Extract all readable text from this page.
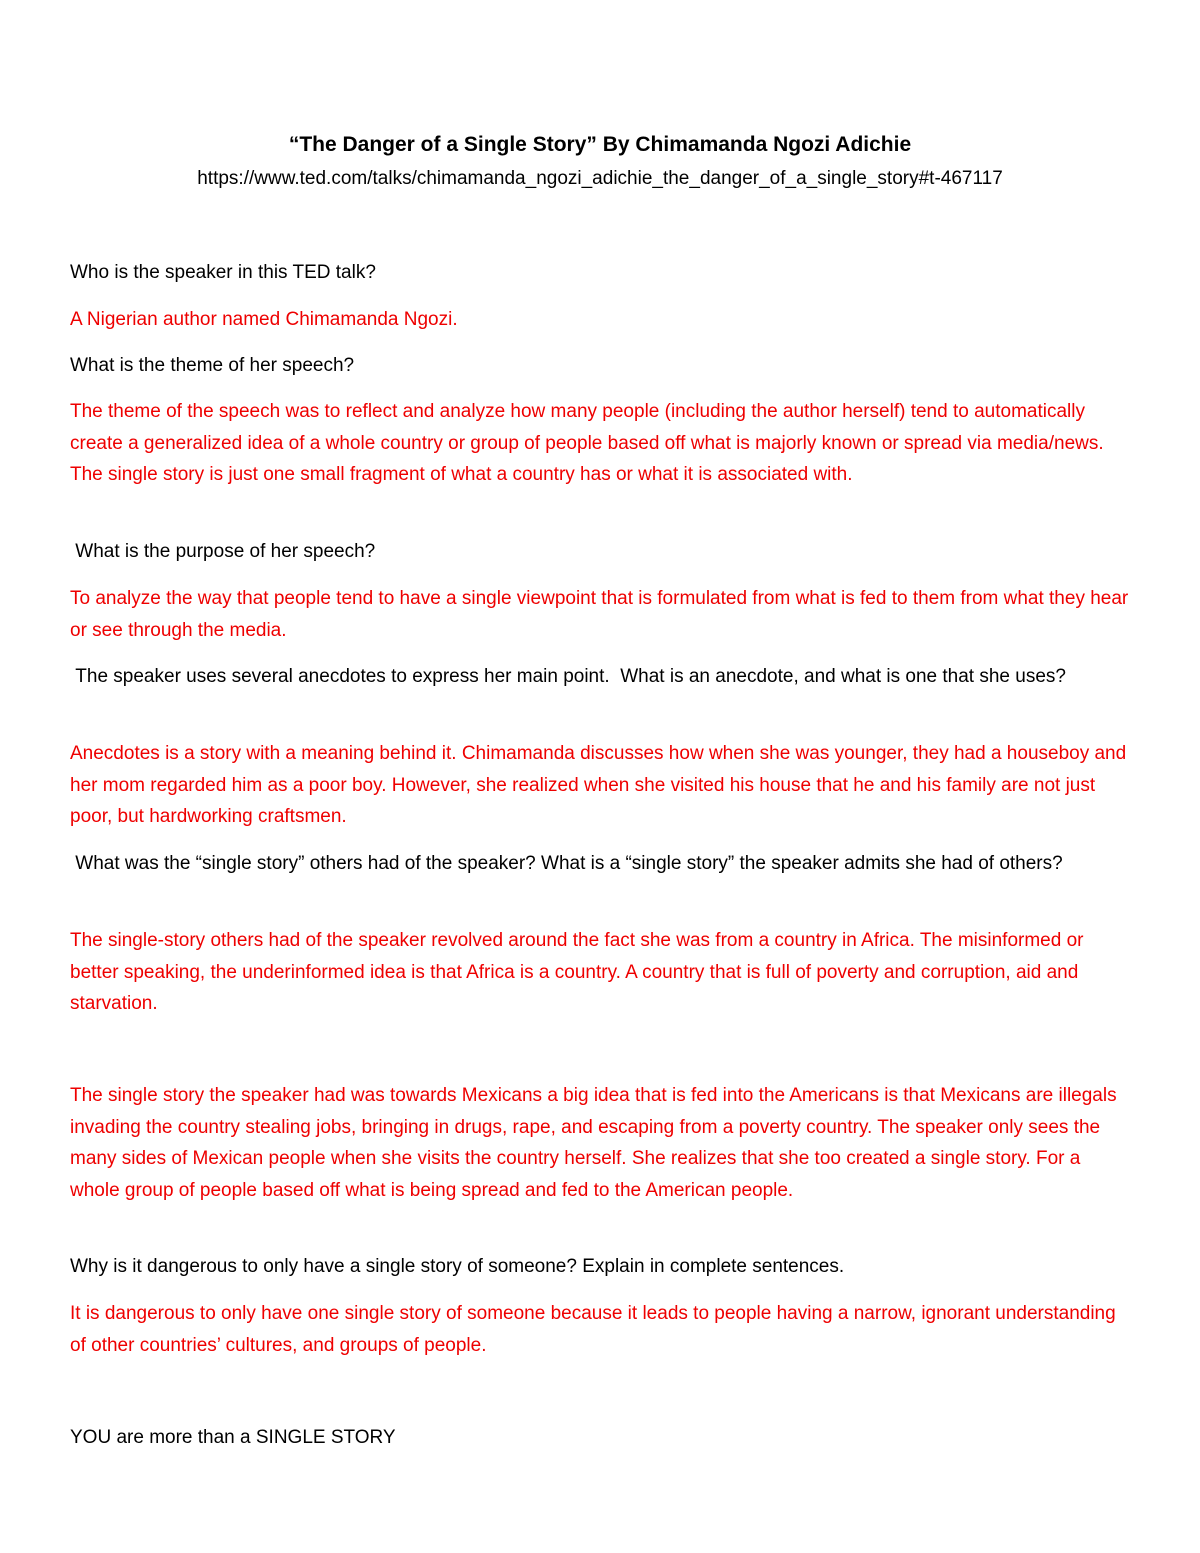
“The Danger of a Single Story” By Chimamanda Ngozi Adichie
https://www.ted.com/talks/chimamanda_ngozi_adichie_the_danger_of_a_single_story#t-467117

Who is the speaker in this TED talk?

A Nigerian author named Chimamanda Ngozi.

What is the theme of her speech?

The theme of the speech was to reflect and analyze how many people (including the author herself) tend to automatically create a generalized idea of a whole country or group of people based off what is majorly known or spread via media/news. The single story is just one small fragment of what a country has or what it is associated with.

What is the purpose of her speech?

To analyze the way that people tend to have a single viewpoint that is formulated from what is fed to them from what they hear or see through the media.

The speaker uses several anecdotes to express her main point.  What is an anecdote, and what is one that she uses?

Anecdotes is a story with a meaning behind it. Chimamanda discusses how when she was younger, they had a houseboy and her mom regarded him as a poor boy. However, she realized when she visited his house that he and his family are not just poor, but hardworking craftsmen.

What was the “single story” others had of the speaker? What is a “single story” the speaker admits she had of others?

The single-story others had of the speaker revolved around the fact she was from a country in Africa. The misinformed or better speaking, the underinformed idea is that Africa is a country. A country that is full of poverty and corruption, aid and starvation.

The single story the speaker had was towards Mexicans a big idea that is fed into the Americans is that Mexicans are illegals invading the country stealing jobs, bringing in drugs, rape, and escaping from a poverty country. The speaker only sees the many sides of Mexican people when she visits the country herself. She realizes that she too created a single story. For a whole group of people based off what is being spread and fed to the American people.

Why is it dangerous to only have a single story of someone? Explain in complete sentences.

It is dangerous to only have one single story of someone because it leads to people having a narrow, ignorant understanding of other countries’ cultures, and groups of people.

YOU are more than a SINGLE STORY
